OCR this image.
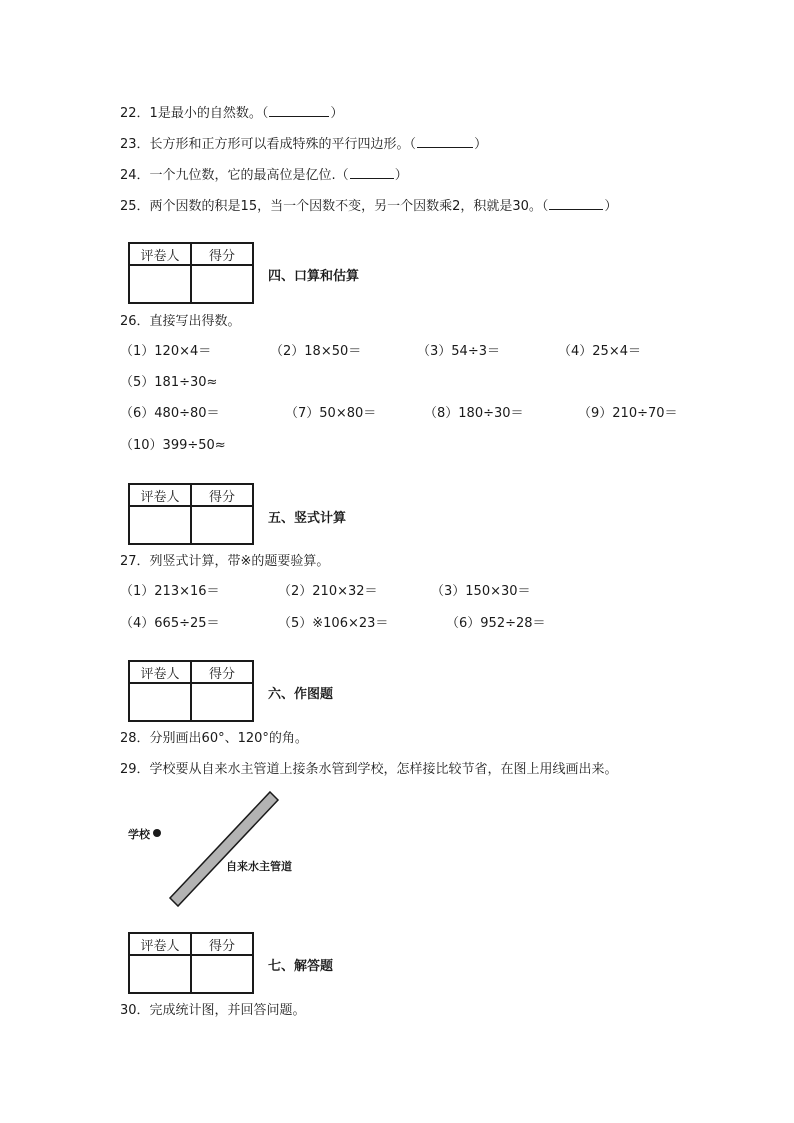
22．1是最小的自然数。（	）
23．长方形和正方形可以看成特殊的平行四边形。（	）
24．一个九位数，它的最高位是亿位.（	）
25．两个因数的积是15，当一个因数不变，另一个因数乘2，积就是30。（	）
评卷人	得分

四、口算和估算
26．直接写出得数。
（1）120×4＝	（2）18×50＝	（3）54÷3＝	（4）25×4＝
（5）181÷30≈
（6）480÷80＝	（7）50×80＝	（8）180÷30＝	（9）210÷70＝
（10）399÷50≈
评卷人	得分

五、竖式计算
27．列竖式计算，带※的题要验算。
（1）213×16＝	（2）210×32＝	（3）150×30＝
（4）665÷25＝	（5）※106×23＝	（6）952÷28＝
评卷人	得分

六、作图题
28．分别画出60°、120°的角。
29．学校要从自来水主管道上接条水管到学校，怎样接比较节省，在图上用线画出来。
学校
自来水主管道
评卷人	得分

七、解答题
30．完成统计图，并回答问题。
